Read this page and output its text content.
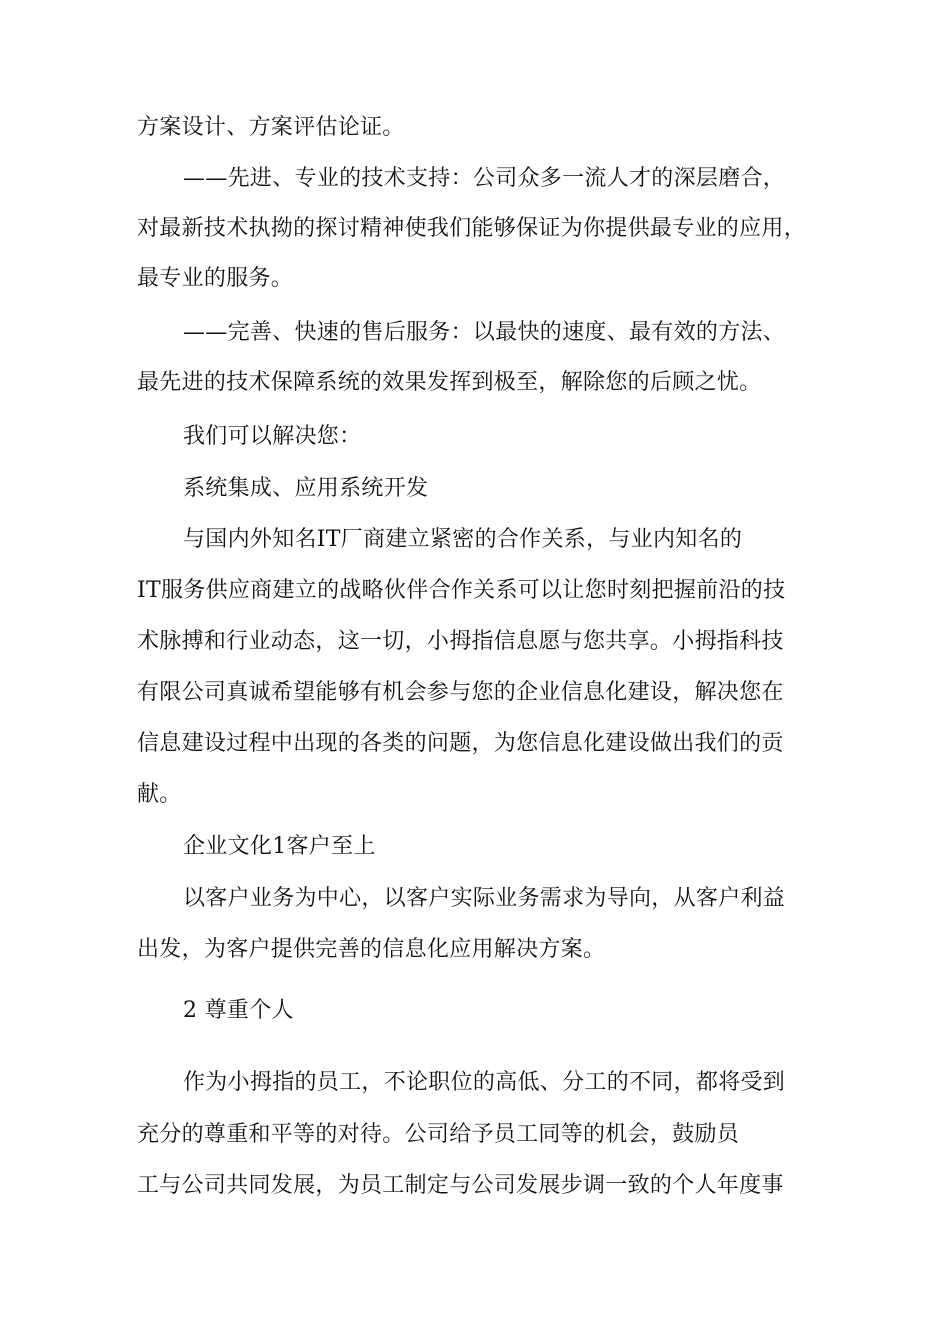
方案设计、方案评估论证。
——先进、专业的技术支持：公司众多一流人才的深层磨合，
对最新技术执拗的探讨精神使我们能够保证为你提供最专业的应用，
最专业的服务。
——完善、快速的售后服务：以最快的速度、最有效的方法、
最先进的技术保障系统的效果发挥到极至，解除您的后顾之忧。
我们可以解决您：
系统集成、应用系统开发
与国内外知名IT厂商建立紧密的合作关系，与业内知名的
IT服务供应商建立的战略伙伴合作关系可以让您时刻把握前沿的技
术脉搏和行业动态，这一切，小拇指信息愿与您共享。小拇指科技
有限公司真诚希望能够有机会参与您的企业信息化建设，解决您在
信息建设过程中出现的各类的问题，为您信息化建设做出我们的贡
献。
企业文化1客户至上
以客户业务为中心，以客户实际业务需求为导向，从客户利益
出发，为客户提供完善的信息化应用解决方案。
2 尊重个人
作为小拇指的员工，不论职位的高低、分工的不同，都将受到
充分的尊重和平等的对待。公司给予员工同等的机会，鼓励员
工与公司共同发展，为员工制定与公司发展步调一致的个人年度事
